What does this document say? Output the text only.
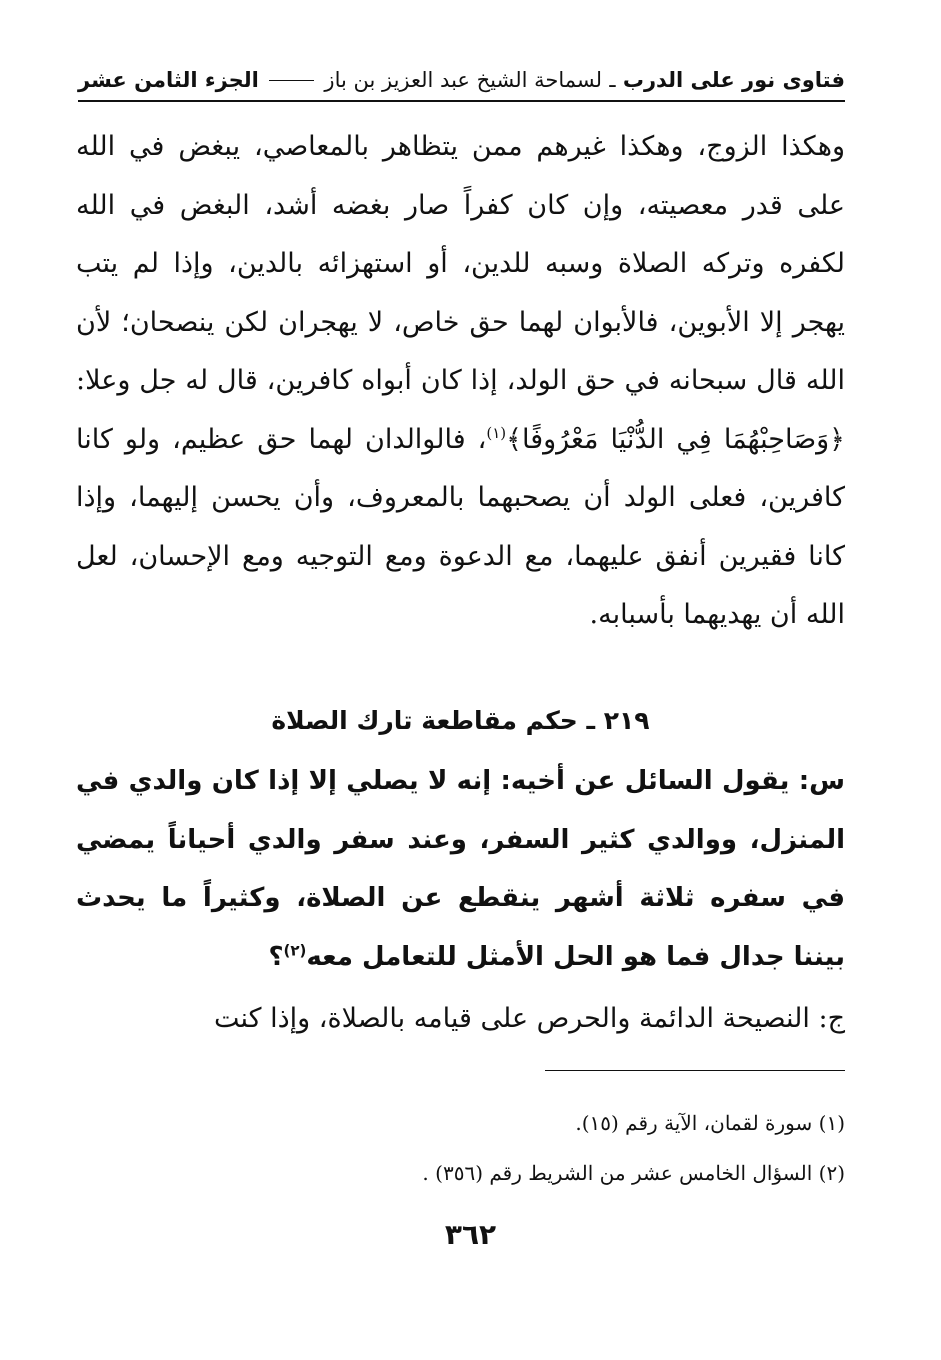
فتاوى نور على الدرب ـ لسماحة الشيخ عبد العزيز بن باز
الجزء الثامن عشر

وهكذا الزوج، وهكذا غيرهم ممن يتظاهر بالمعاصي، يبغض في الله على قدر معصيته، وإن كان كفراً صار بغضه أشد، البغض في الله لكفره وتركه الصلاة وسبه للدين، أو استهزائه بالدين، وإذا لم يتب يهجر إلا الأبوين، فالأبوان لهما حق خاص، لا يهجران لكن ينصحان؛ لأن الله قال سبحانه في حق الولد، إذا كان أبواه كافرين، قال له جل وعلا: ﴿وَصَاحِبْهُمَا فِي الدُّنْيَا مَعْرُوفًا﴾$^{(١)}$، فالوالدان لهما حق عظيم، ولو كانا كافرين، فعلى الولد أن يصحبهما بالمعروف، وأن يحسن إليهما، وإذا كانا فقيرين أنفق عليهما، مع الدعوة ومع التوجيه ومع الإحسان، لعل الله أن يهديهما بأسبابه.

٢١٩ ـ حكم مقاطعة تارك الصلاة
س: يقول السائل عن أخيه: إنه لا يصلي إلا إذا كان والدي في المنزل، ووالدي كثير السفر، وعند سفر والدي أحياناً يمضي في سفره ثلاثة أشهر ينقطع عن الصلاة، وكثيراً ما يحدث بيننا جدال فما هو الحل الأمثل للتعامل معه$^{(٢)}$؟
ج: النصيحة الدائمة والحرص على قيامه بالصلاة، وإذا كنت
(١) سورة لقمان، الآية رقم (١٥).
(٢) السؤال الخامس عشر من الشريط رقم (٣٥٦) .
٣٦٢
